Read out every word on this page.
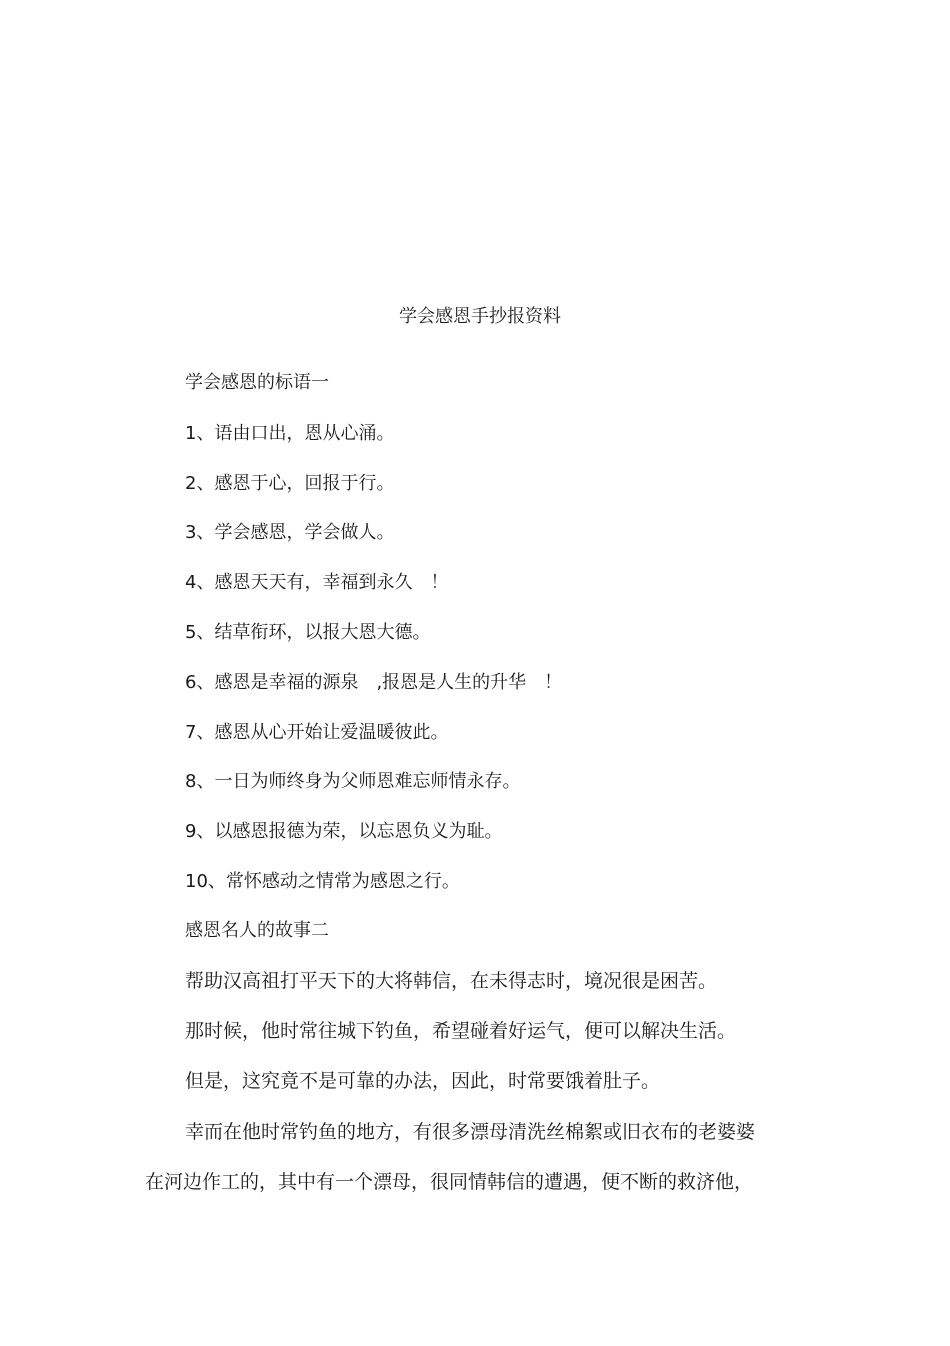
学会感恩手抄报资料
学会感恩的标语一
1、语由口出，恩从心涌。
2、感恩于心，回报于行。
3、学会感恩，学会做人。
4、感恩天天有，幸福到永久　！
5、结草衔环，以报大恩大德。
6、感恩是幸福的源泉　,报恩是人生的升华　！
7、感恩从心开始让爱温暖彼此。
8、一日为师终身为父师恩难忘师情永存。
9、以感恩报德为荣，以忘恩负义为耻。
10、常怀感动之情常为感恩之行。
感恩名人的故事二
帮助汉高祖打平天下的大将韩信，在未得志时，境况很是困苦。
那时候，他时常往城下钓鱼，希望碰着好运气，便可以解决生活。
但是，这究竟不是可靠的办法，因此，时常要饿着肚子。
幸而在他时常钓鱼的地方，有很多漂母清洗丝棉絮或旧衣布的老婆婆
在河边作工的，其中有一个漂母，很同情韩信的遭遇，便不断的救济他，
